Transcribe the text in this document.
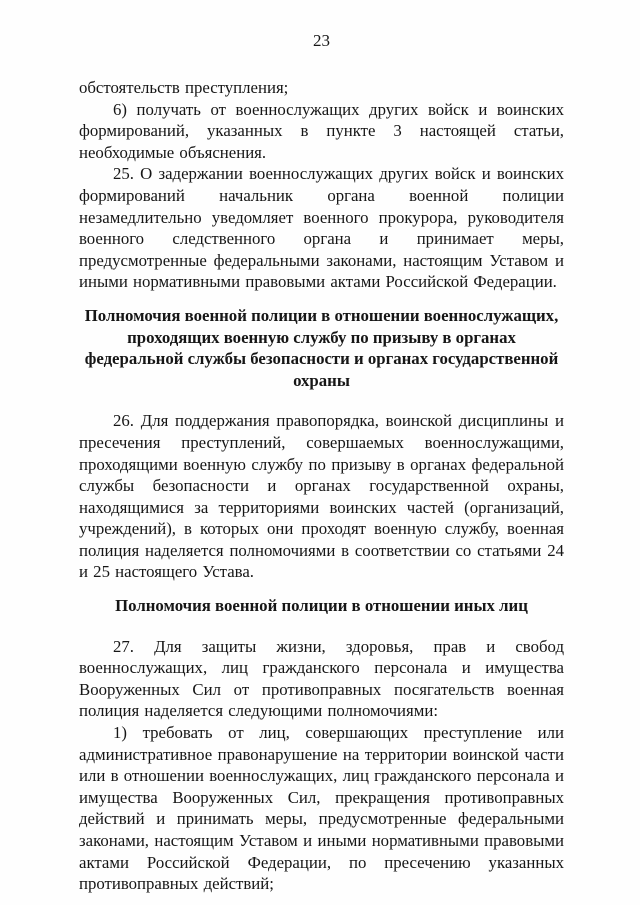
23

обстоятельств преступления;

6) получать от военнослужащих других войск и воинских формирований, указанных в пункте 3 настоящей статьи, необходимые объяснения.

25. О задержании военнослужащих других войск и воинских формирований начальник органа военной полиции незамедлительно уведомляет военного прокурора, руководителя военного следственного органа и принимает меры, предусмотренные федеральными законами, настоящим Уставом и иными нормативными правовыми актами Российской Федерации.

Полномочия военной полиции в отношении военнослужащих, проходящих военную службу по призыву в органах федеральной службы безопасности и органах государственной охраны

26. Для поддержания правопорядка, воинской дисциплины и пресечения преступлений, совершаемых военнослужащими, проходящими военную службу по призыву в органах федеральной службы безопасности и органах государственной охраны, находящимися за территориями воинских частей (организаций, учреждений), в которых они проходят военную службу, военная полиция наделяется полномочиями в соответствии со статьями 24 и 25 настоящего Устава.

Полномочия военной полиции в отношении иных лиц

27. Для защиты жизни, здоровья, прав и свобод военнослужащих, лиц гражданского персонала и имущества Вооруженных Сил от противоправных посягательств военная полиция наделяется следующими полномочиями:

1) требовать от лиц, совершающих преступление или административное правонарушение на территории воинской части или в отношении военнослужащих, лиц гражданского персонала и имущества Вооруженных Сил, прекращения противоправных действий и принимать меры, предусмотренные федеральными законами, настоящим Уставом и иными нормативными правовыми актами Российской Федерации, по пресечению указанных противоправных действий;
